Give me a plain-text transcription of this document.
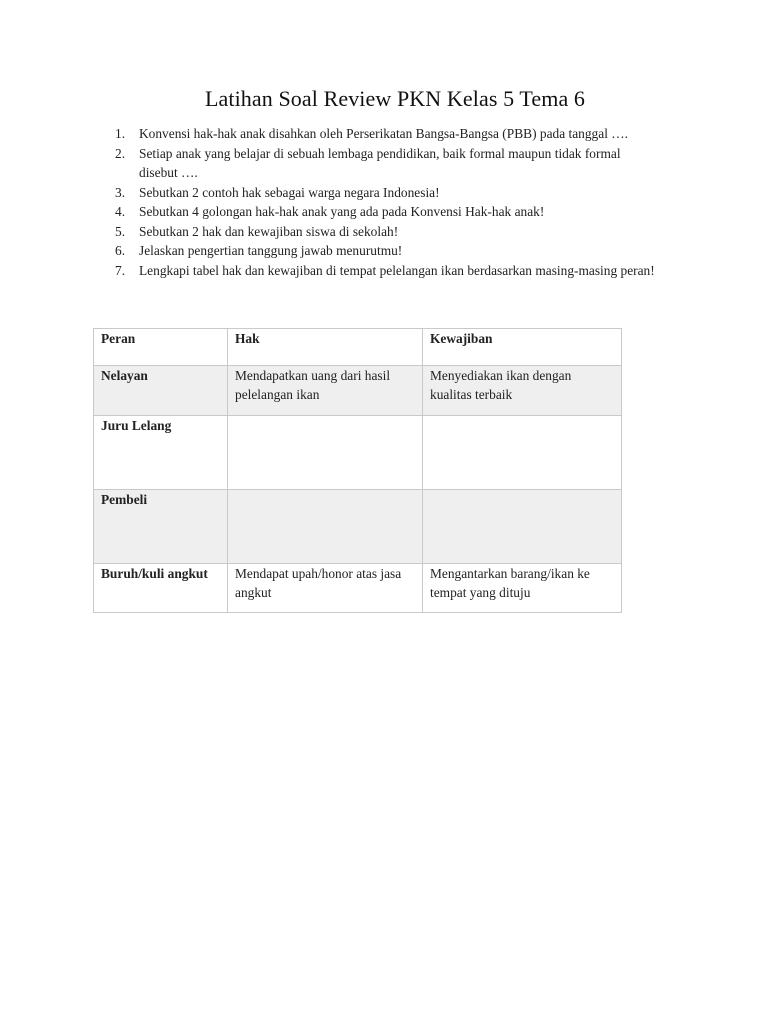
Latihan Soal Review PKN Kelas 5 Tema 6
1. Konvensi hak-hak anak disahkan oleh Perserikatan Bangsa-Bangsa (PBB) pada tanggal ….
2. Setiap anak yang belajar di sebuah lembaga pendidikan, baik formal maupun tidak formal disebut ….
3. Sebutkan 2 contoh hak sebagai warga negara Indonesia!
4. Sebutkan 4 golongan hak-hak anak yang ada pada Konvensi Hak-hak anak!
5. Sebutkan 2 hak dan kewajiban siswa di sekolah!
6. Jelaskan pengertian tanggung jawab menurutmu!
7. Lengkapi tabel hak dan kewajiban di tempat pelelangan ikan berdasarkan masing-masing peran!
Peran	Hak	Kewajiban
Nelayan	Mendapatkan uang dari hasil pelelangan ikan	Menyediakan ikan dengan kualitas terbaik
Juru Lelang		
Pembeli		
Buruh/kuli angkut	Mendapat upah/honor atas jasa angkut	Mengantarkan barang/ikan ke tempat yang dituju
